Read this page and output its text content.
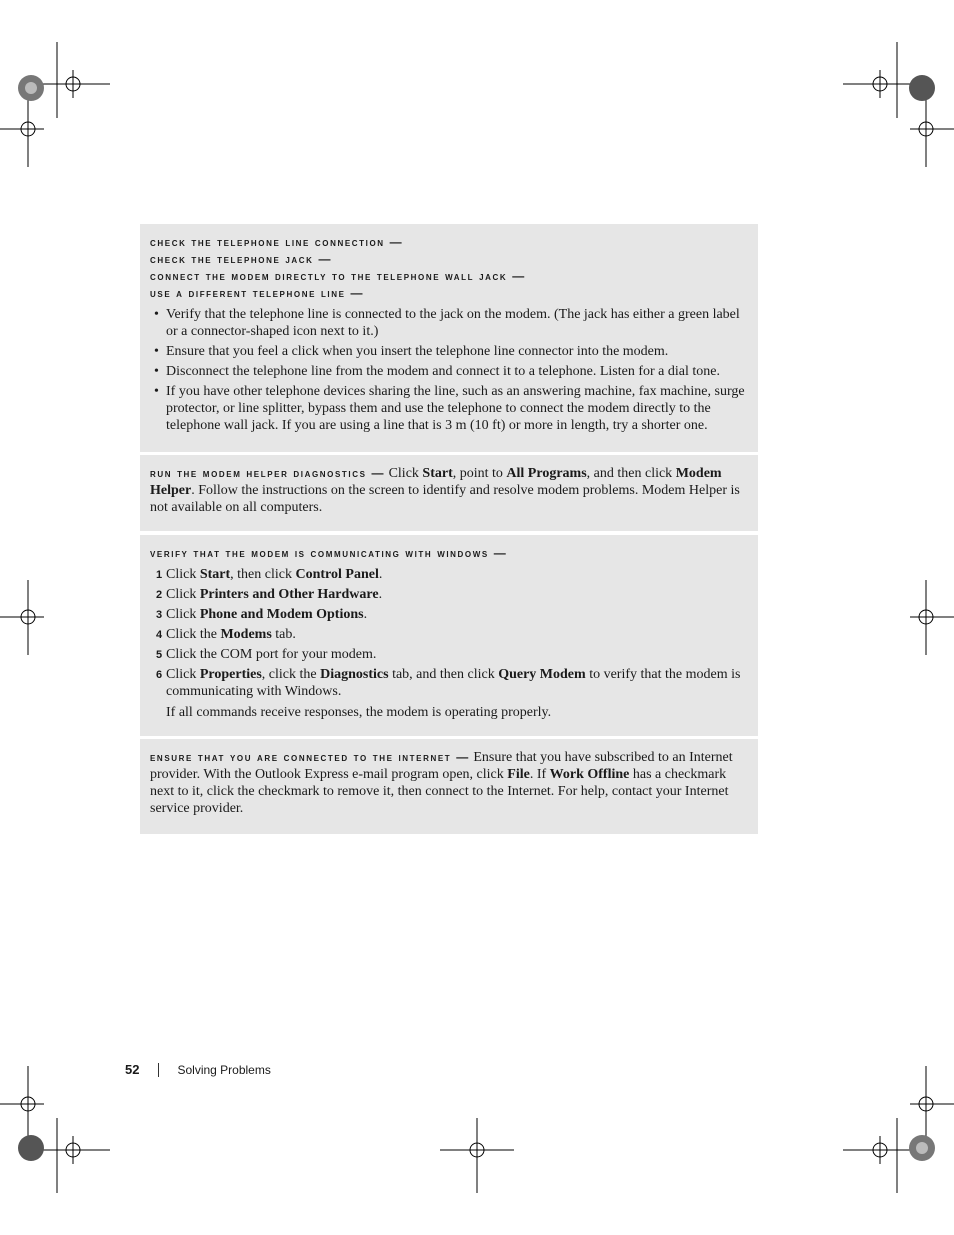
check the telephone line connection —
check the telephone jack —
connect the modem directly to the telephone wall jack —
use a different telephone line —
• Verify that the telephone line is connected to the jack on the modem. (The jack has either a green label or a connector-shaped icon next to it.)
• Ensure that you feel a click when you insert the telephone line connector into the modem.
• Disconnect the telephone line from the modem and connect it to a telephone. Listen for a dial tone.
• If you have other telephone devices sharing the line, such as an answering machine, fax machine, surge protector, or line splitter, bypass them and use the telephone to connect the modem directly to the telephone wall jack. If you are using a line that is 3 m (10 ft) or more in length, try a shorter one.
run the modem helper diagnostics — Click Start, point to All Programs, and then click Modem Helper. Follow the instructions on the screen to identify and resolve modem problems. Modem Helper is not available on all computers.
verify that the modem is communicating with windows —
1 Click Start, then click Control Panel.
2 Click Printers and Other Hardware.
3 Click Phone and Modem Options.
4 Click the Modems tab.
5 Click the COM port for your modem.
6 Click Properties, click the Diagnostics tab, and then click Query Modem to verify that the modem is communicating with Windows.
If all commands receive responses, the modem is operating properly.
ensure that you are connected to the internet — Ensure that you have subscribed to an Internet provider. With the Outlook Express e-mail program open, click File. If Work Offline has a checkmark next to it, click the checkmark to remove it, then connect to the Internet. For help, contact your Internet service provider.
52	Solving Problems
